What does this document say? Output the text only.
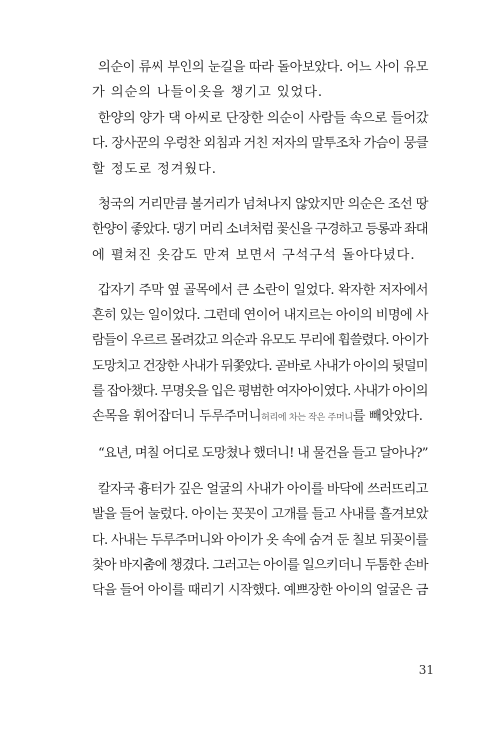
의순이 류씨 부인의 눈길을 따라 돌아보았다. 어느 사이 유모
가 의순의 나들이옷을 챙기고 있었다.
한양의 양가 댁 아씨로 단장한 의순이 사람들 속으로 들어갔
다. 장사꾼의 우렁찬 외침과 거친 저자의 말투조차 가슴이 뭉클
할 정도로 정겨웠다.
청국의 거리만큼 볼거리가 넘쳐나지 않았지만 의순은 조선 땅
한양이 좋았다. 댕기 머리 소녀처럼 꽃신을 구경하고 등롱과 좌대
에 펼쳐진 옷감도 만져 보면서 구석구석 돌아다녔다.
갑자기 주막 옆 골목에서 큰 소란이 일었다. 왁자한 저자에서
흔히 있는 일이었다. 그런데 연이어 내지르는 아이의 비명에 사
람들이 우르르 몰려갔고 의순과 유모도 무리에 휩쓸렸다. 아이가
도망치고 건장한 사내가 뒤쫓았다. 곧바로 사내가 아이의 뒷덜미
를 잡아챘다. 무명옷을 입은 평범한 여자아이였다. 사내가 아이의
손목을 휘어잡더니 두루주머니허리에 차는 작은 주머니를 빼앗았다.
“요년, 며칠 어디로 도망쳤나 했더니! 내 물건을 들고 달아나?”
칼자국 흉터가 깊은 얼굴의 사내가 아이를 바닥에 쓰러뜨리고
발을 들어 눌렀다. 아이는 꼿꼿이 고개를 들고 사내를 흘겨보았
다. 사내는 두루주머니와 아이가 옷 속에 숨겨 둔 칠보 뒤꽂이를
찾아 바지춤에 챙겼다. 그러고는 아이를 일으키더니 두툼한 손바
닥을 들어 아이를 때리기 시작했다. 예쁘장한 아이의 얼굴은 금
31
